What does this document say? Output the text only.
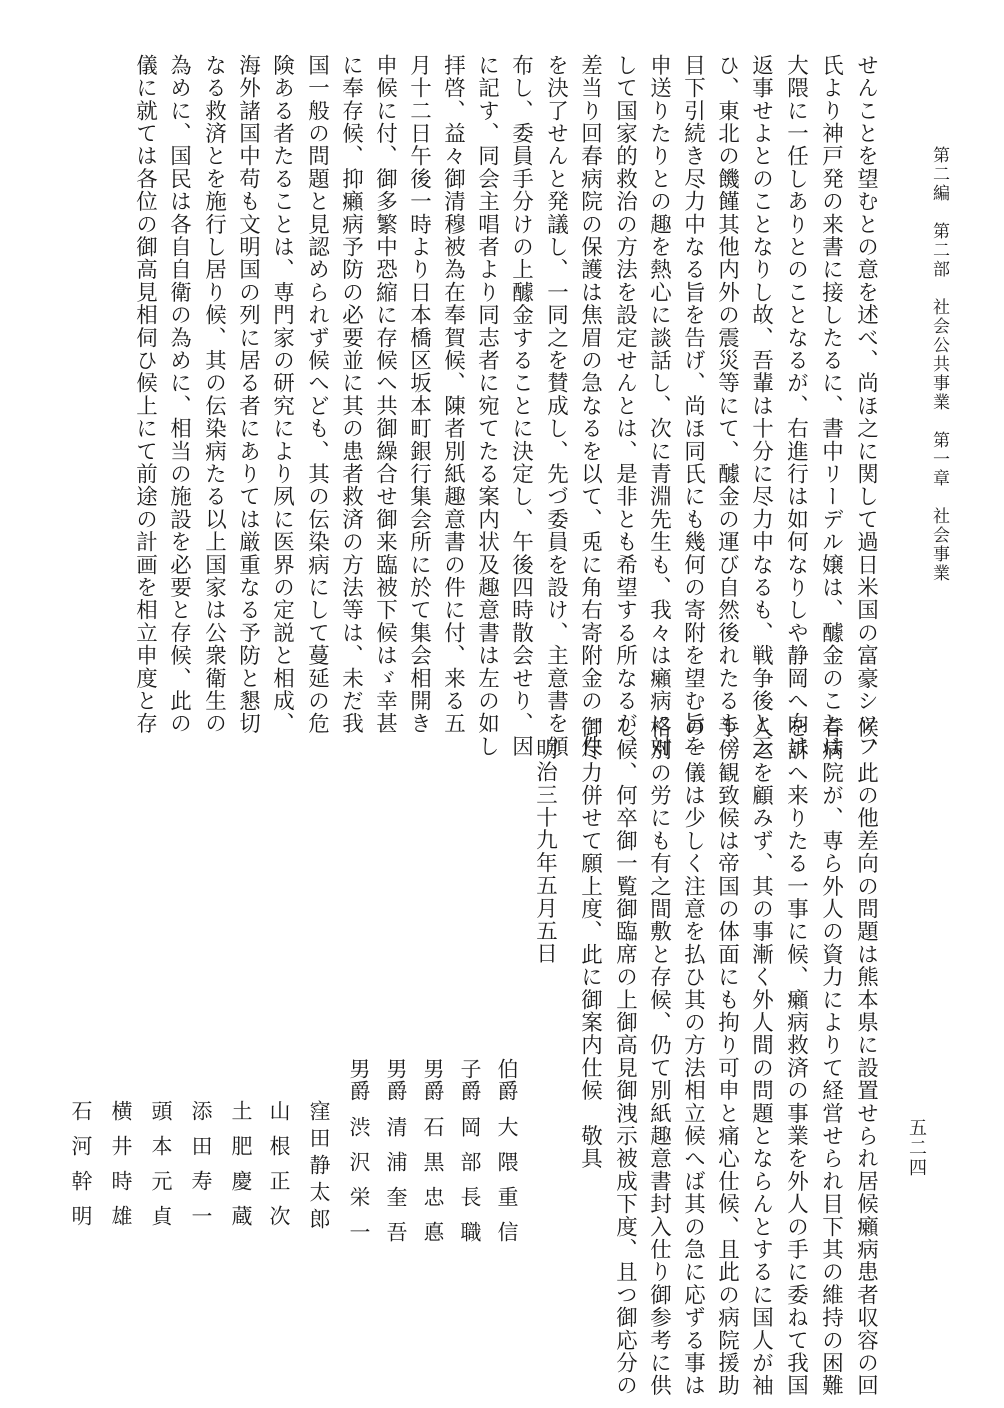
第二編　第二部　社会公共事業　第一章　社会事業
五二四
せんことを望むとの意を述べ、尚ほ之に関して過日米国の富豪シツフ
氏より神戸発の来書に接したるに、書中リーデル嬢は、醵金のことは
大隈に一任しありとのことなるが、右進行は如何なりしや静岡へ向け
返事せよとのことなりし故、吾輩は十分に尽力中なるも、戦争後と云
ひ、東北の饑饉其他内外の震災等にて、醵金の運び自然後れたるも、
目下引続き尽力中なる旨を告げ、尚ほ同氏にも幾何の寄附を望む旨を
申送りたりとの趣を熱心に談話し、次に青淵先生も、我々は癩病に対
して国家的救治の方法を設定せんとは、是非とも希望する所なるが、
差当り回春病院の保護は焦眉の急なるを以て、兎に角右寄附金の一件
を決了せんと発議し、一同之を賛成し、先づ委員を設け、主意書を頒
布し、委員手分けの上醵金することに決定し、午後四時散会せり、因
に記す、同会主唱者より同志者に宛てたる案内状及趣意書は左の如し
拝啓、益々御清穆被為在奉賀候、陳者別紙趣意書の件に付、来る五
月十二日午後一時より日本橋区坂本町銀行集会所に於て集会相開き
申候に付、御多繁中恐縮に存候へ共御繰合せ御来臨被下候はゞ幸甚
に奉存候、抑癩病予防の必要並に其の患者救済の方法等は、未だ我
国一般の問題と見認められず候へども、其の伝染病にして蔓延の危
険ある者たることは、専門家の研究により夙に医界の定説と相成、
海外諸国中苟も文明国の列に居る者にありては厳重なる予防と懇切
なる救済とを施行し居り候、其の伝染病たる以上国家は公衆衛生の
為めに、国民は各自自衛の為めに、相当の施設を必要と存候、此の
儀に就ては各位の御高見相伺ひ候上にて前途の計画を相立申度と存
候、此の他差向の問題は熊本県に設置せられ居候癩病患者収容の回
春病院が、専ら外人の資力によりて経営せられ目下其の維持の困難
を訴へ来りたる一事に候、癩病救済の事業を外人の手に委ねて我国
人之を顧みず、其の事漸く外人間の問題とならんとするに国人が袖
手傍観致候は帝国の体面にも拘り可申と痛心仕候、且此の病院援助
の一儀は少しく注意を払ひ其の方法相立候へば其の急に応ずる事は
格別の労にも有之間敷と存候、仍て別紙趣意書封入仕り御参考に供
し候、何卒御一覧御臨席の上御高見御洩示被成下度、且つ御応分の
御尽力併せて願上度、此に御案内仕候　敬具
明治三十九年五月五日
伯爵大隈重信
子爵岡部長職
男爵石黒忠悳
男爵清浦奎吾
男爵渋沢栄一
窪田静太郎
山根正次
土肥慶蔵
添田寿一
頭本元貞
横井時雄
石河幹明
